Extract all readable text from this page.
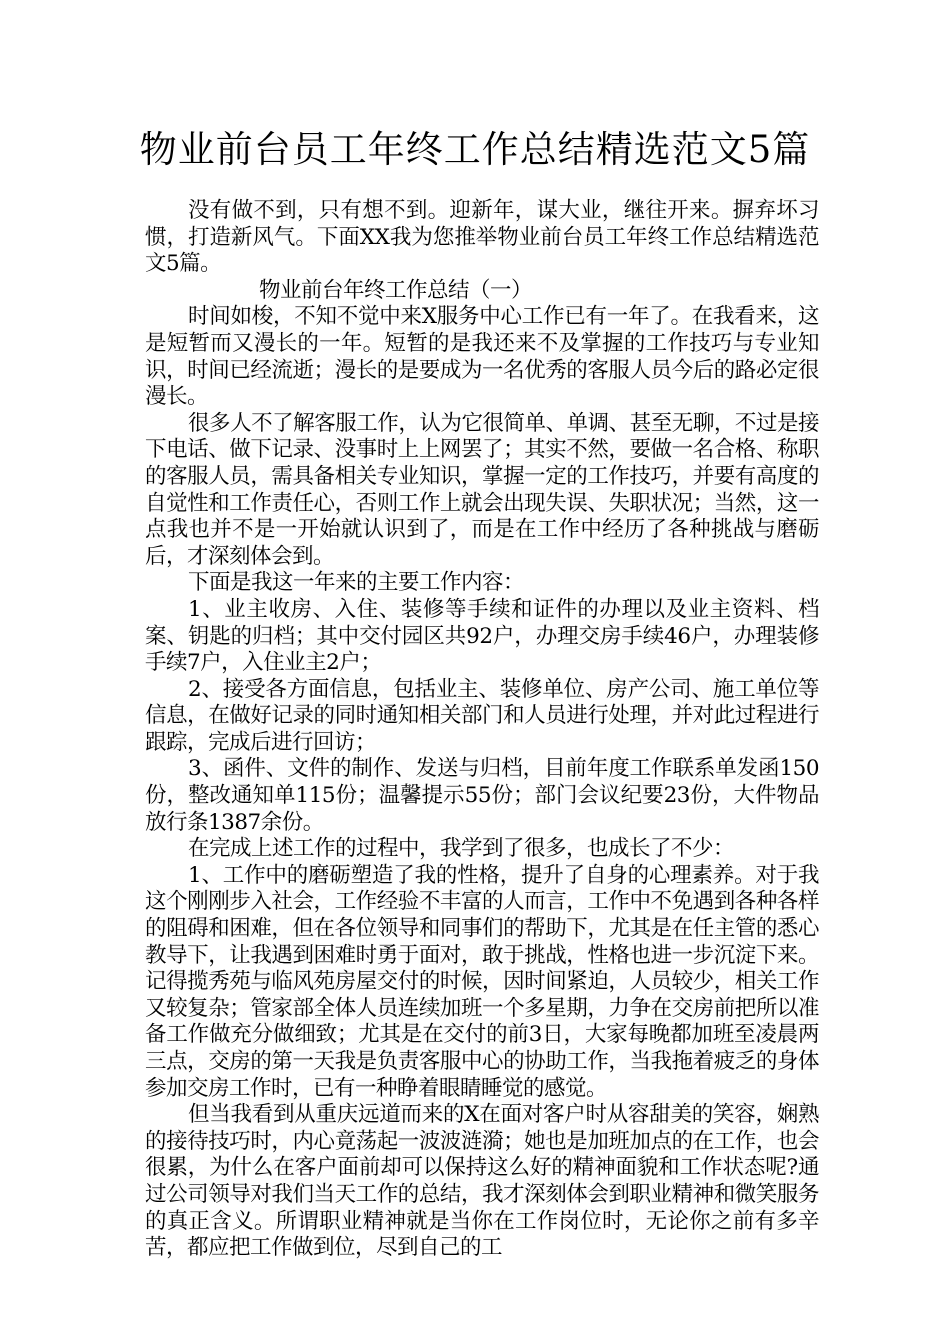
物业前台员工年终工作总结精选范文5篇

没有做不到，只有想不到。迎新年，谋大业，继往开来。摒弃坏习惯，打造新风气。下面XX我为您推举物业前台员工年终工作总结精选范文5篇。

物业前台年终工作总结（一）

时间如梭，不知不觉中来X服务中心工作已有一年了。在我看来，这是短暂而又漫长的一年。短暂的是我还来不及掌握的工作技巧与专业知识，时间已经流逝；漫长的是要成为一名优秀的客服人员今后的路必定很漫长。

很多人不了解客服工作，认为它很简单、单调、甚至无聊，不过是接下电话、做下记录、没事时上上网罢了；其实不然，要做一名合格、称职的客服人员，需具备相关专业知识，掌握一定的工作技巧，并要有高度的自觉性和工作责任心，否则工作上就会出现失误、失职状况；当然，这一点我也并不是一开始就认识到了，而是在工作中经历了各种挑战与磨砺后，才深刻体会到。

下面是我这一年来的主要工作内容：

1、业主收房、入住、装修等手续和证件的办理以及业主资料、档案、钥匙的归档；其中交付园区共92户，办理交房手续46户，办理装修手续7户，入住业主2户；

2、接受各方面信息，包括业主、装修单位、房产公司、施工单位等信息，在做好记录的同时通知相关部门和人员进行处理，并对此过程进行跟踪，完成后进行回访；

3、函件、文件的制作、发送与归档，目前年度工作联系单发函150份，整改通知单115份；温馨提示55份；部门会议纪要23份，大件物品放行条1387余份。

在完成上述工作的过程中，我学到了很多，也成长了不少：

1、工作中的磨砺塑造了我的性格，提升了自身的心理素养。对于我这个刚刚步入社会，工作经验不丰富的人而言，工作中不免遇到各种各样的阻碍和困难，但在各位领导和同事们的帮助下，尤其是在任主管的悉心教导下，让我遇到困难时勇于面对，敢于挑战，性格也进一步沉淀下来。记得揽秀苑与临风苑房屋交付的时候，因时间紧迫，人员较少，相关工作又较复杂；管家部全体人员连续加班一个多星期，力争在交房前把所以准备工作做充分做细致；尤其是在交付的前3日，大家每晚都加班至凌晨两三点，交房的第一天我是负责客服中心的协助工作，当我拖着疲乏的身体参加交房工作时，已有一种睁着眼睛睡觉的感觉。

但当我看到从重庆远道而来的X在面对客户时从容甜美的笑容，娴熟的接待技巧时，内心竟荡起一波波涟漪；她也是加班加点的在工作，也会很累，为什么在客户面前却可以保持这么好的精神面貌和工作状态呢?通过公司领导对我们当天工作的总结，我才深刻体会到职业精神和微笑服务的真正含义。所谓职业精神就是当你在工作岗位时，无论你之前有多辛苦，都应把工作做到位，尽到自己的工
